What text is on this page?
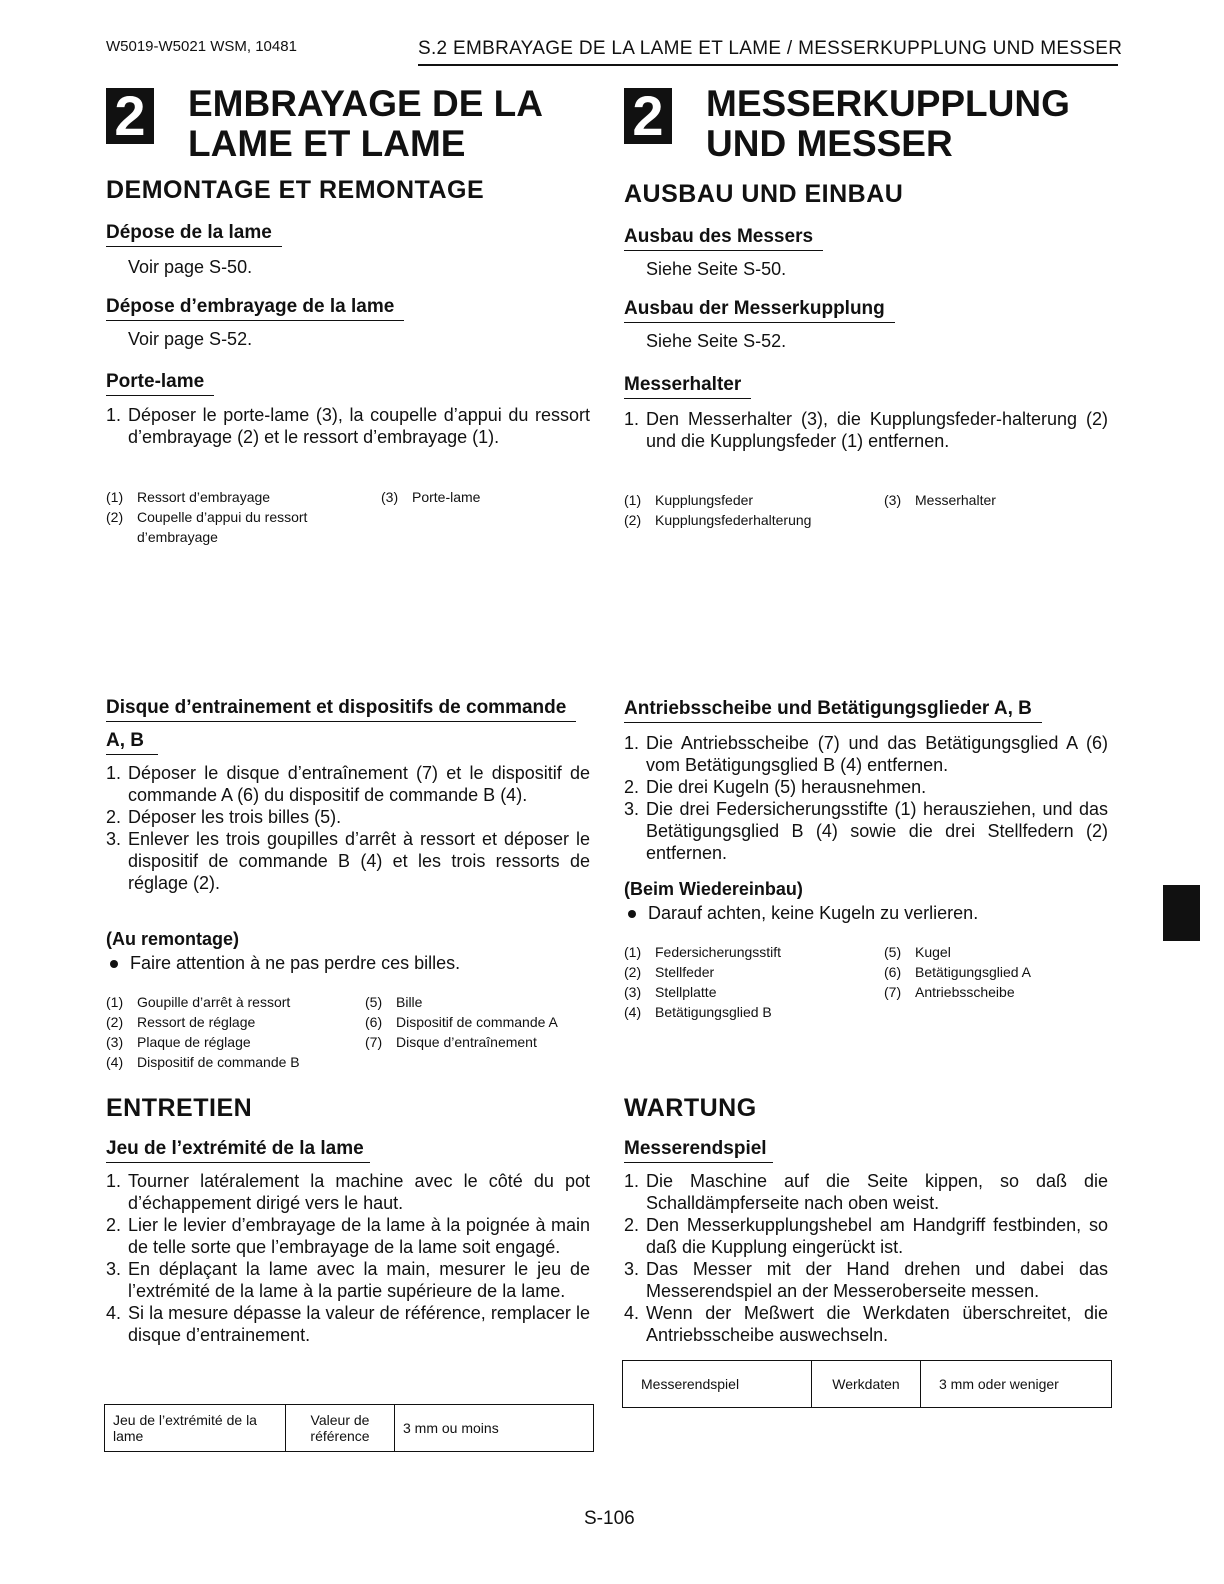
W5019-W5021 WSM, 10481	S.2 EMBRAYAGE DE LA LAME ET LAME / MESSERKUPPLUNG UND MESSER
2 EMBRAYAGE DE LA
LAME ET LAME
DEMONTAGE ET REMONTAGE
Dépose de la lame
Voir page S-50.
Dépose d’embrayage de la lame
Voir page S-52.
Porte-lame
1. Déposer le porte-lame (3), la coupelle d’appui du ressort d’embrayage (2) et le ressort d’embrayage (1).
(1) Ressort d’embrayage	(3) Porte-lame
(2) Coupelle d’appui du ressort
d’embrayage
Disque d’entrainement et dispositifs de commande
A, B
1. Déposer le disque d’entraînement (7) et le dispositif de commande A (6) du dispositif de commande B (4).
2. Déposer les trois billes (5).
3. Enlever les trois goupilles d’arrêt à ressort et déposer le dispositif de commande B (4) et les trois ressorts de réglage (2).
(Au remontage)
Faire attention à ne pas perdre ces billes.
(1) Goupille d’arrêt à ressort	(5) Bille
(2) Ressort de réglage	(6) Dispositif de commande A
(3) Plaque de réglage	(7) Disque d’entraînement
(4) Dispositif de commande B
ENTRETIEN
Jeu de l’extrémité de la lame
1. Tourner latéralement la machine avec le côté du pot d’échappement dirigé vers le haut.
2. Lier le levier d’embrayage de la lame à la poignée à main de telle sorte que l’embrayage de la lame soit engagé.
3. En déplaçant la lame avec la main, mesurer le jeu de l’extrémité de la lame à la partie supérieure de la lame.
4. Si la mesure dépasse la valeur de référence, remplacer le disque d’entrainement.
Jeu de l’extrémité de la lame	Valeur de référence	3 mm ou moins
2 MESSERKUPPLUNG
UND MESSER
AUSBAU UND EINBAU
Ausbau des Messers
Siehe Seite S-50.
Ausbau der Messerkupplung
Siehe Seite S-52.
Messerhalter
1. Den Messerhalter (3), die Kupplungsfeder-halterung (2) und die Kupplungsfeder (1) entfernen.
(1) Kupplungsfeder	(3) Messerhalter
(2) Kupplungsfederhalterung
Antriebsscheibe und Betätigungsglieder A, B
1. Die Antriebsscheibe (7) und das Betätigungsglied A (6) vom Betätigungsglied B (4) entfernen.
2. Die drei Kugeln (5) herausnehmen.
3. Die drei Federsicherungsstifte (1) herausziehen, und das Betätigungsglied B (4) sowie die drei Stellfedern (2) entfernen.
(Beim Wiedereinbau)
Darauf achten, keine Kugeln zu verlieren.
(1) Federsicherungsstift	(5) Kugel
(2) Stellfeder	(6) Betätigungsglied A
(3) Stellplatte	(7) Antriebsscheibe
(4) Betätigungsglied B
WARTUNG
Messerendspiel
1. Die Maschine auf die Seite kippen, so daß die Schalldämpferseite nach oben weist.
2. Den Messerkupplungshebel am Handgriff festbinden, so daß die Kupplung eingerückt ist.
3. Das Messer mit der Hand drehen und dabei das Messerendspiel an der Messeroberseite messen.
4. Wenn der Meßwert die Werkdaten überschreitet, die Antriebsscheibe auswechseln.
Messerendspiel	Werkdaten	3 mm oder weniger
S-106
